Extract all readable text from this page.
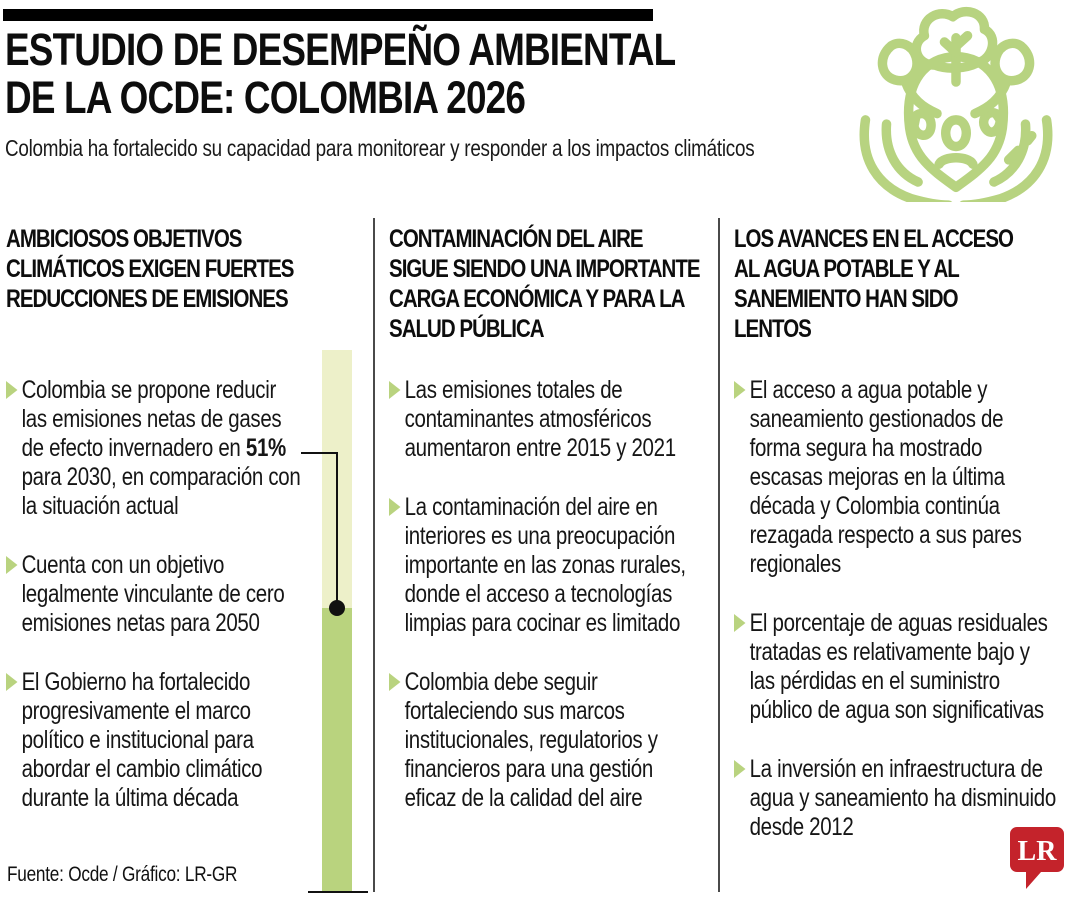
ESTUDIO DE DESEMPEÑO AMBIENTAL
DE LA OCDE: COLOMBIA 2026
Colombia ha fortalecido su capacidad para monitorear y responder a los impactos climáticos
AMBICIOSOS OBJETIVOS
CLIMÁTICOS EXIGEN FUERTES
REDUCCIONES DE EMISIONES

Colombia se propone reducir las emisiones netas de gases de efecto invernadero en 51% para 2030, en comparación con la situación actual

Cuenta con un objetivo legalmente vinculante de cero emisiones netas para 2050

El Gobierno ha fortalecido progresivamente el marco político e institucional para abordar el cambio climático durante la última década

CONTAMINACIÓN DEL AIRE
SIGUE SIENDO UNA IMPORTANTE
CARGA ECONÓMICA Y PARA LA
SALUD PÚBLICA

Las emisiones totales de contaminantes atmosféricos aumentaron entre 2015 y 2021

La contaminación del aire en interiores es una preocupación importante en las zonas rurales, donde el acceso a tecnologías limpias para cocinar es limitado

Colombia debe seguir fortaleciendo sus marcos institucionales, regulatorios y financieros para una gestión eficaz de la calidad del aire

LOS AVANCES EN EL ACCESO
AL AGUA POTABLE Y AL
SANEMIENTO HAN SIDO
LENTOS

El acceso a agua potable y saneamiento gestionados de forma segura ha mostrado escasas mejoras en la última década y Colombia continúa rezagada respecto a sus pares regionales

El porcentaje de aguas residuales tratadas es relativamente bajo y las pérdidas en el suministro público de agua son significativas

La inversión en infraestructura de agua y saneamiento ha disminuido desde 2012

Fuente: Ocde / Gráfico: LR-GR
LR
